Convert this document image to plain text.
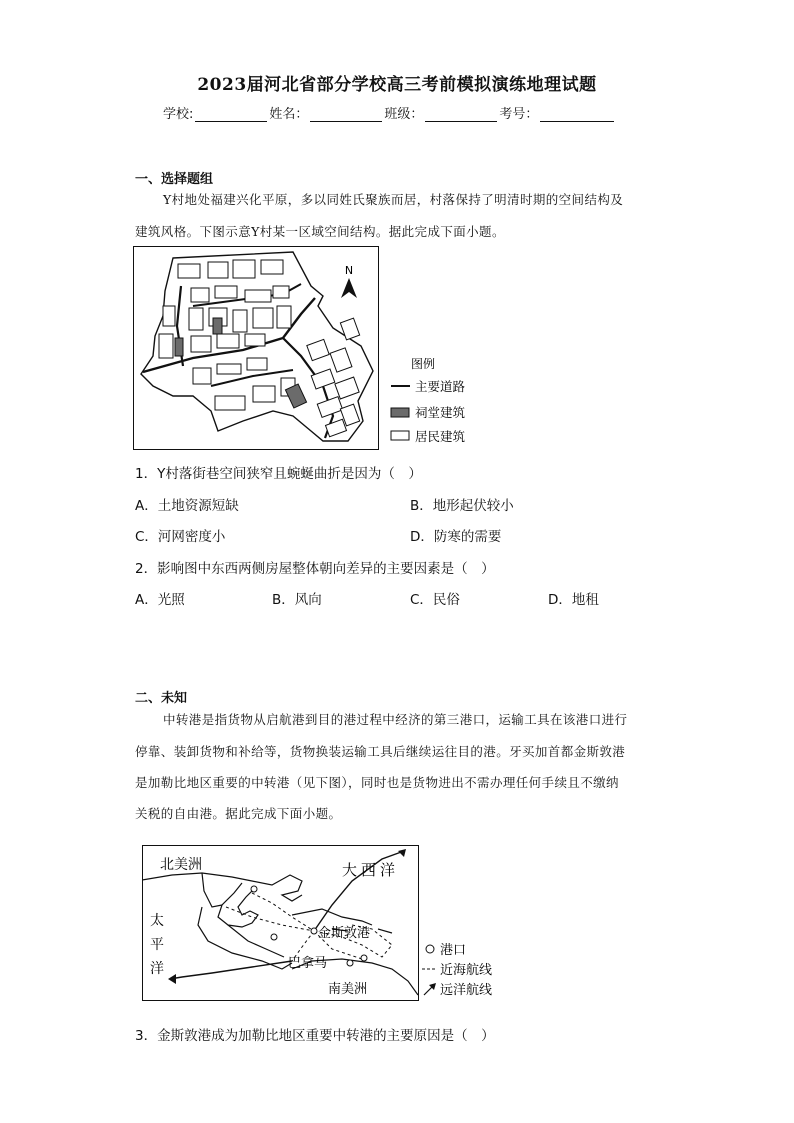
2023届河北省部分学校高三考前模拟演练地理试题
学校:	姓名：	班级：	考号：
一、选择题组
Y村地处福建兴化平原，多以同姓氏聚族而居，村落保持了明清时期的空间结构及
建筑风格。下图示意Y村某一区域空间结构。据此完成下面小题。
N
图例
主要道路
祠堂建筑
居民建筑
1．Y村落街巷空间狭窄且蜿蜒曲折是因为（　）
A．土地资源短缺	B．地形起伏较小
C．河网密度小	D．防寒的需要
2．影响图中东西两侧房屋整体朝向差异的主要因素是（　）
A．光照	B．风向	C．民俗	D．地租
二、未知
中转港是指货物从启航港到目的港过程中经济的第三港口，运输工具在该港口进行
停靠、装卸货物和补给等，货物换装运输工具后继续运往目的港。牙买加首都金斯敦港
是加勒比地区重要的中转港（见下图），同时也是货物进出不需办理任何手续且不缴纳
关税的自由港。据此完成下面小题。
北美洲	大西洋
太
平
洋
金斯敦港
巴拿马
南美洲
港口
近海航线
远洋航线
3．金斯敦港成为加勒比地区重要中转港的主要原因是（　）
